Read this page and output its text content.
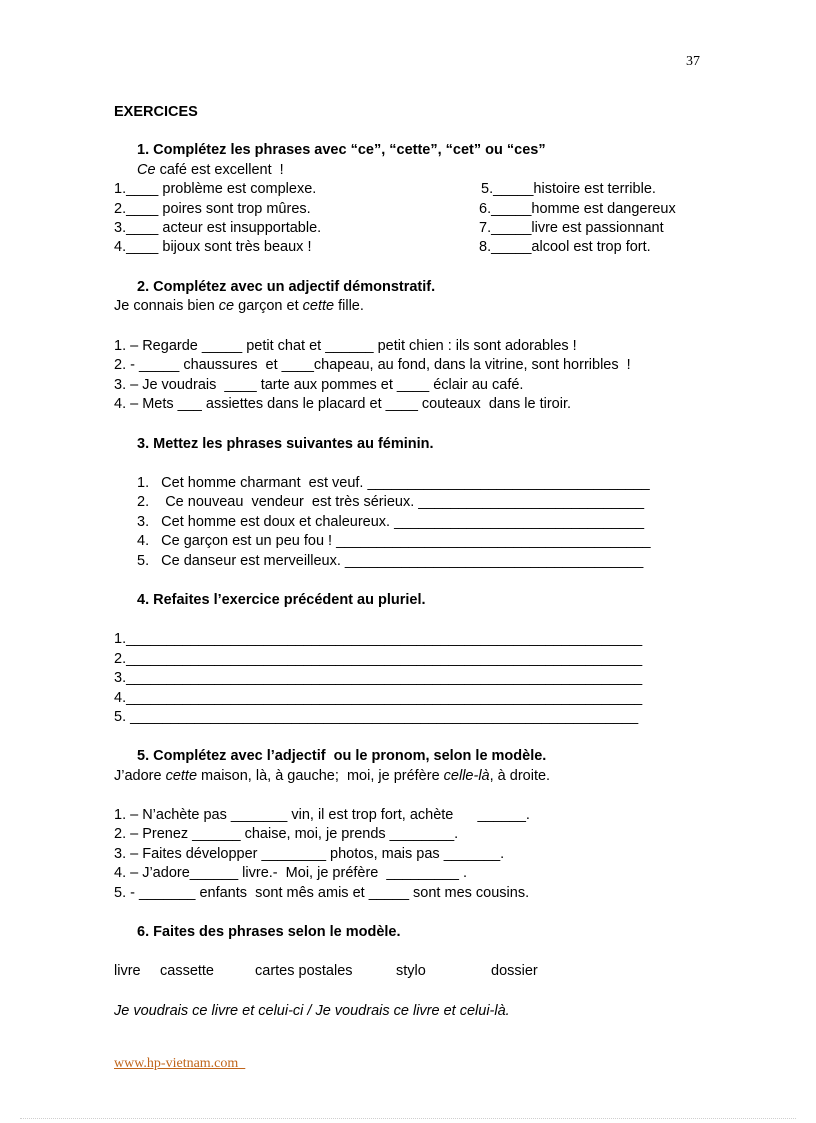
37
EXERCICES
1. Complétez les phrases avec “ce”, “cette”, “cet” ou “ces”
Ce café est excellent  !
1.____ problème est complexe.
2.____ poires sont trop mûres.
3.____ acteur est insupportable.
4.____ bijoux sont très beaux !
5._____histoire est terrible.
6._____homme est dangereux
7._____livre est passionnant
8._____alcool est trop fort.
2. Complétez avec un adjectif démonstratif.
Je connais bien ce garçon et cette fille.
1. – Regarde _____ petit chat et ______ petit chien : ils sont adorables !
2. - _____ chaussures  et ____chapeau, au fond, dans la vitrine, sont horribles  !
3. – Je voudrais  ____ tarte aux pommes et ____ éclair au café.
4. – Mets ___ assiettes dans le placard et ____ couteaux  dans le tiroir.
3. Mettez les phrases suivantes au féminin.
1.   Cet homme charmant  est veuf. ___________________________________
2.    Ce nouveau  vendeur  est très sérieux. ____________________________
3.   Cet homme est doux et chaleureux. _______________________________
4.   Ce garçon est un peu fou ! _______________________________________
5.   Ce danseur est merveilleux. _____________________________________
4. Refaites l’exercice précédent au pluriel.
1.________________________________________________________________
2.________________________________________________________________
3.________________________________________________________________
4.________________________________________________________________
5. _______________________________________________________________
5. Complétez avec l’adjectif  ou le pronom, selon le modèle.
J’adore cette maison, là, à gauche;  moi, je préfère celle-là, à droite.
1. – N’achète pas _______ vin, il est trop fort, achète      ______.
2. – Prenez ______ chaise, moi, je prends ________.
3. – Faites développer ________ photos, mais pas _______.
4. – J’adore______ livre.-  Moi, je préfère  _________ .
5. - _______ enfants  sont mês amis et _____ sont mes cousins.
6. Faites des phrases selon le modèle.
livre cassette	cartes postales	stylo	dossier
Je voudrais ce livre et celui-ci / Je voudrais ce livre et celui-là.
www.hp-vietnam.com
